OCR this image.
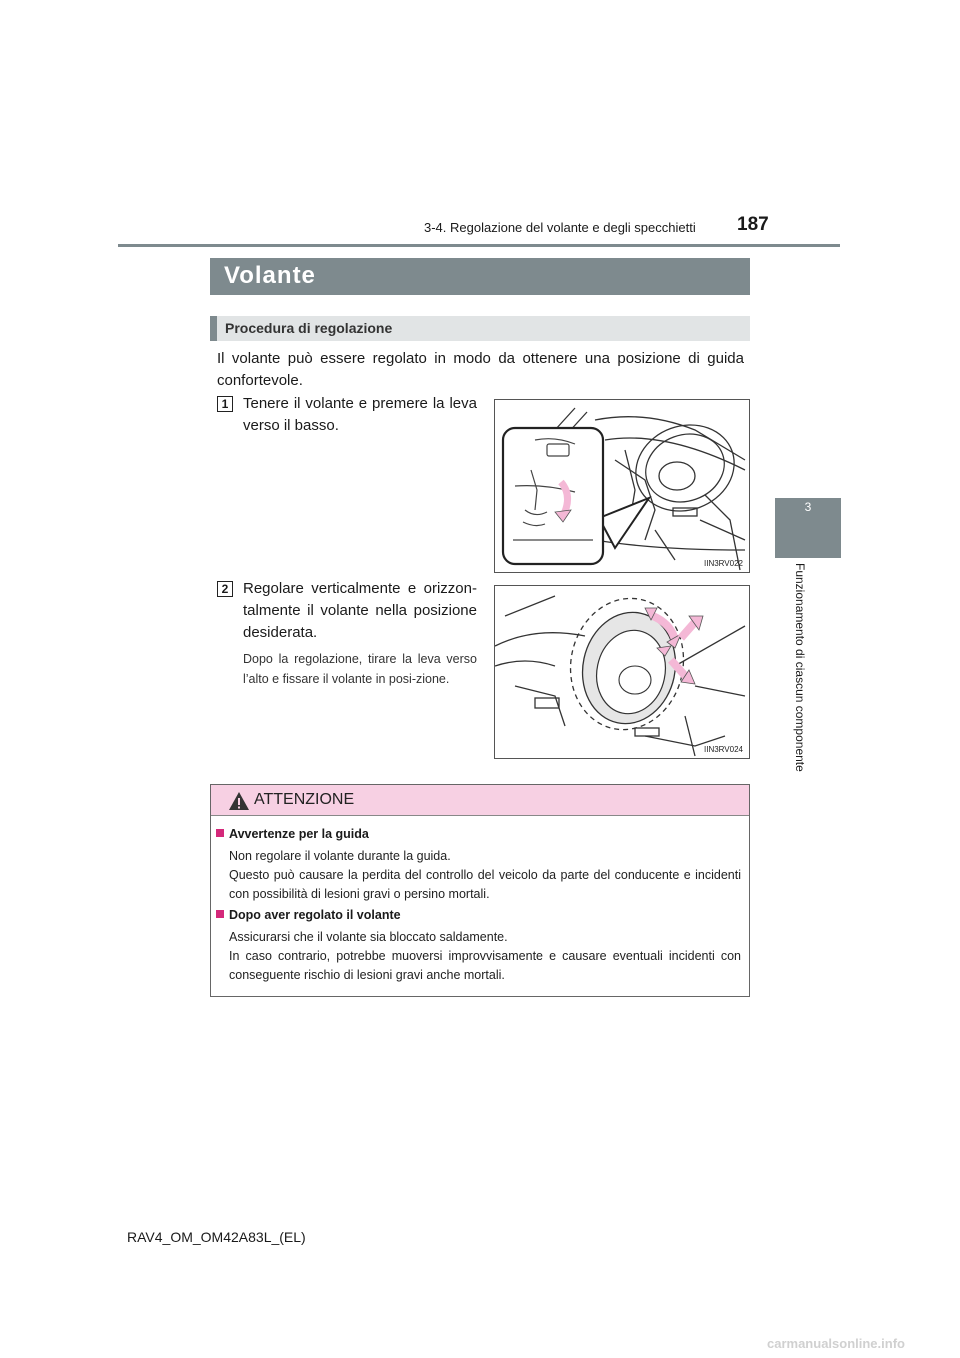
3-4. Regolazione del volante e degli specchietti 187
3
Funzionamento di ciascun componente
Volante
Procedura di regolazione
Il volante può essere regolato in modo da ottenere una posizione di guida confortevole.
1 Tenere il volante e premere la leva verso il basso.
IIN3RV022
2 Regolare verticalmente e orizzon-talmente il volante nella posizione desiderata.
Dopo la regolazione, tirare la leva verso l’alto e fissare il volante in posi-zione.
IIN3RV024
ATTENZIONE
Avvertenze per la guida
Non regolare il volante durante la guida.
Questo può causare la perdita del controllo del veicolo da parte del conducente e incidenti con possibilità di lesioni gravi o persino mortali.
Dopo aver regolato il volante
Assicurarsi che il volante sia bloccato saldamente.
In caso contrario, potrebbe muoversi improvvisamente e causare eventuali incidenti con conseguente rischio di lesioni gravi anche mortali.
RAV4_OM_OM42A83L_(EL)
carmanualsonline.info
